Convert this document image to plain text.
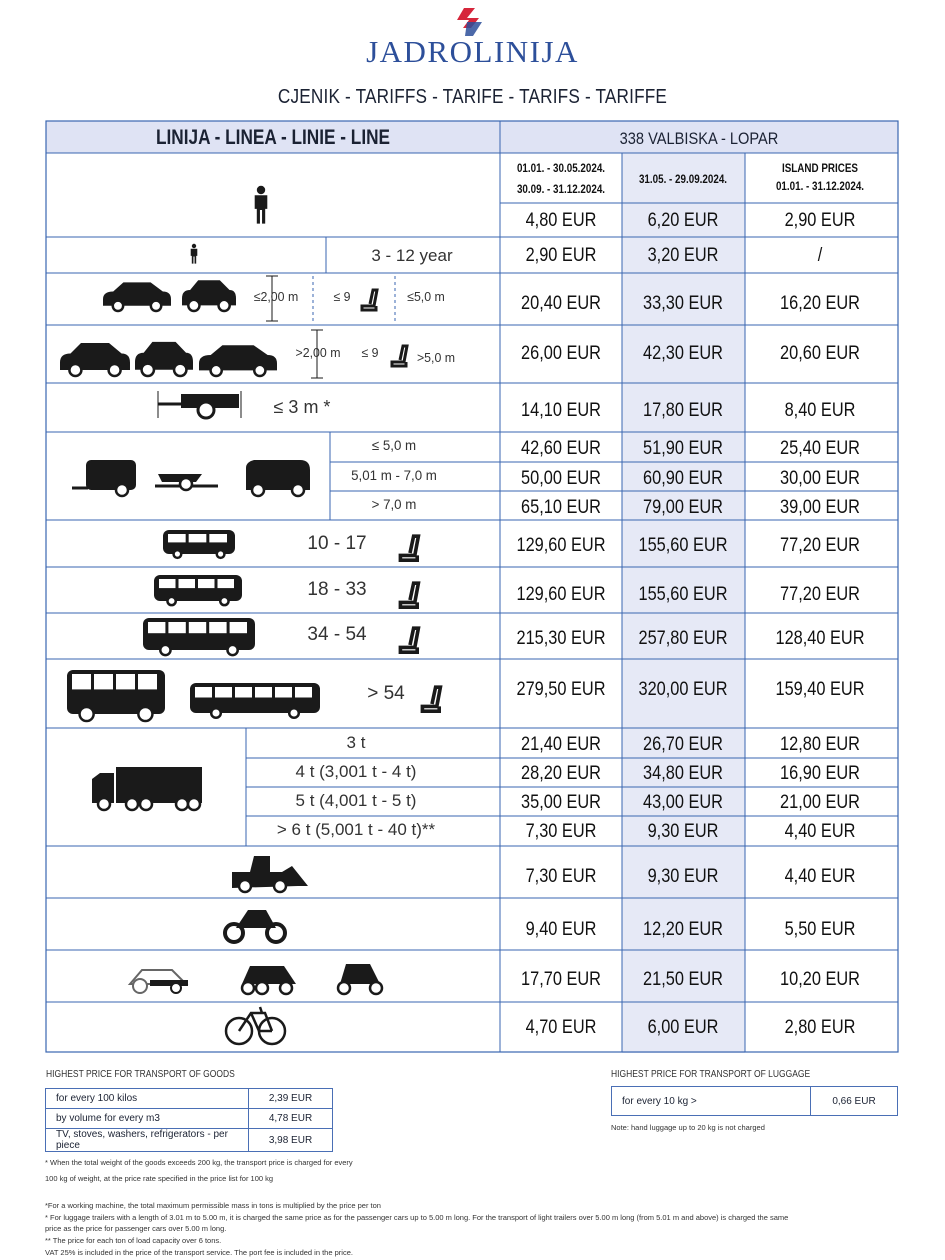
JADROLINIJA
CJENIK - TARIFFS - TARIFE - TARIFS - TARIFFE
LINIJA - LINEA - LINIE - LINE	338 VALBISKA - LOPAR
01.01. - 30.05.2024.
30.09. - 31.12.2024.
31.05. - 29.09.2024.
ISLAND PRICES
01.01. - 31.12.2024.
4,80 EUR	6,20 EUR	2,90 EUR
3 - 12 year	2,90 EUR	3,20 EUR	/
≤2,00 m	≤ 9	≤5,0 m	20,40 EUR 33,30 EUR	16,20 EUR
>2,00 m ≤ 9	>5,0 m	26,00 EUR 42,30 EUR	20,60 EUR
≤ 3 m *	14,10 EUR 17,80 EUR	8,40 EUR
≤ 5,0 m	42,60 EUR 51,90 EUR	25,40 EUR
5,01 m - 7,0 m	50,00 EUR 60,90 EUR	30,00 EUR
> 7,0 m	65,10 EUR 79,00 EUR	39,00 EUR
10 - 17	129,60 EUR 155,60 EUR	77,20 EUR
18 - 33	129,60 EUR 155,60 EUR	77,20 EUR
34 - 54	215,30 EUR 257,80 EUR	128,40 EUR
> 54	279,50 EUR 320,00 EUR	159,40 EUR
3 t	21,40 EUR 26,70 EUR	12,80 EUR
4 t (3,001 t - 4 t)	28,20 EUR 34,80 EUR	16,90 EUR
5 t (4,001 t - 5 t)	35,00 EUR 43,00 EUR	21,00 EUR
> 6 t (5,001 t - 40 t)**	7,30 EUR	9,30 EUR	4,40 EUR
7,30 EUR	9,30 EUR	4,40 EUR
9,40 EUR 12,20 EUR	5,50 EUR
17,70 EUR 21,50 EUR	10,20 EUR
4,70 EUR	6,00 EUR	2,80 EUR
HIGHEST PRICE FOR TRANSPORT OF GOODS
for every 100 kilos	2,39 EUR
by volume for every m3	4,78 EUR
TV, stoves, washers, refrigerators - per piece	3,98 EUR
* When the total weight of the goods exceeds 200 kg, the transport price is charged for every
100 kg of weight, at the price rate specified in the price list for 100 kg
HIGHEST PRICE FOR TRANSPORT OF LUGGAGE
for every 10 kg >	0,66 EUR
Note: hand luggage up to 20 kg is not charged
*For a working machine, the total maximum permissible mass in tons is multiplied by the price per ton
* For luggage trailers with a length of 3.01 m to 5.00 m, it is charged the same price as for the passenger cars up to 5.00 m long. For the transport of light trailers over 5.00 m long (from 5.01 m and above) is charged the same
price as the price for passenger cars over 5.00 m long.
** The price for each ton of load capacity over 6 tons.
VAT 25% is included in the price of the transport service. The port fee is included in the price.
